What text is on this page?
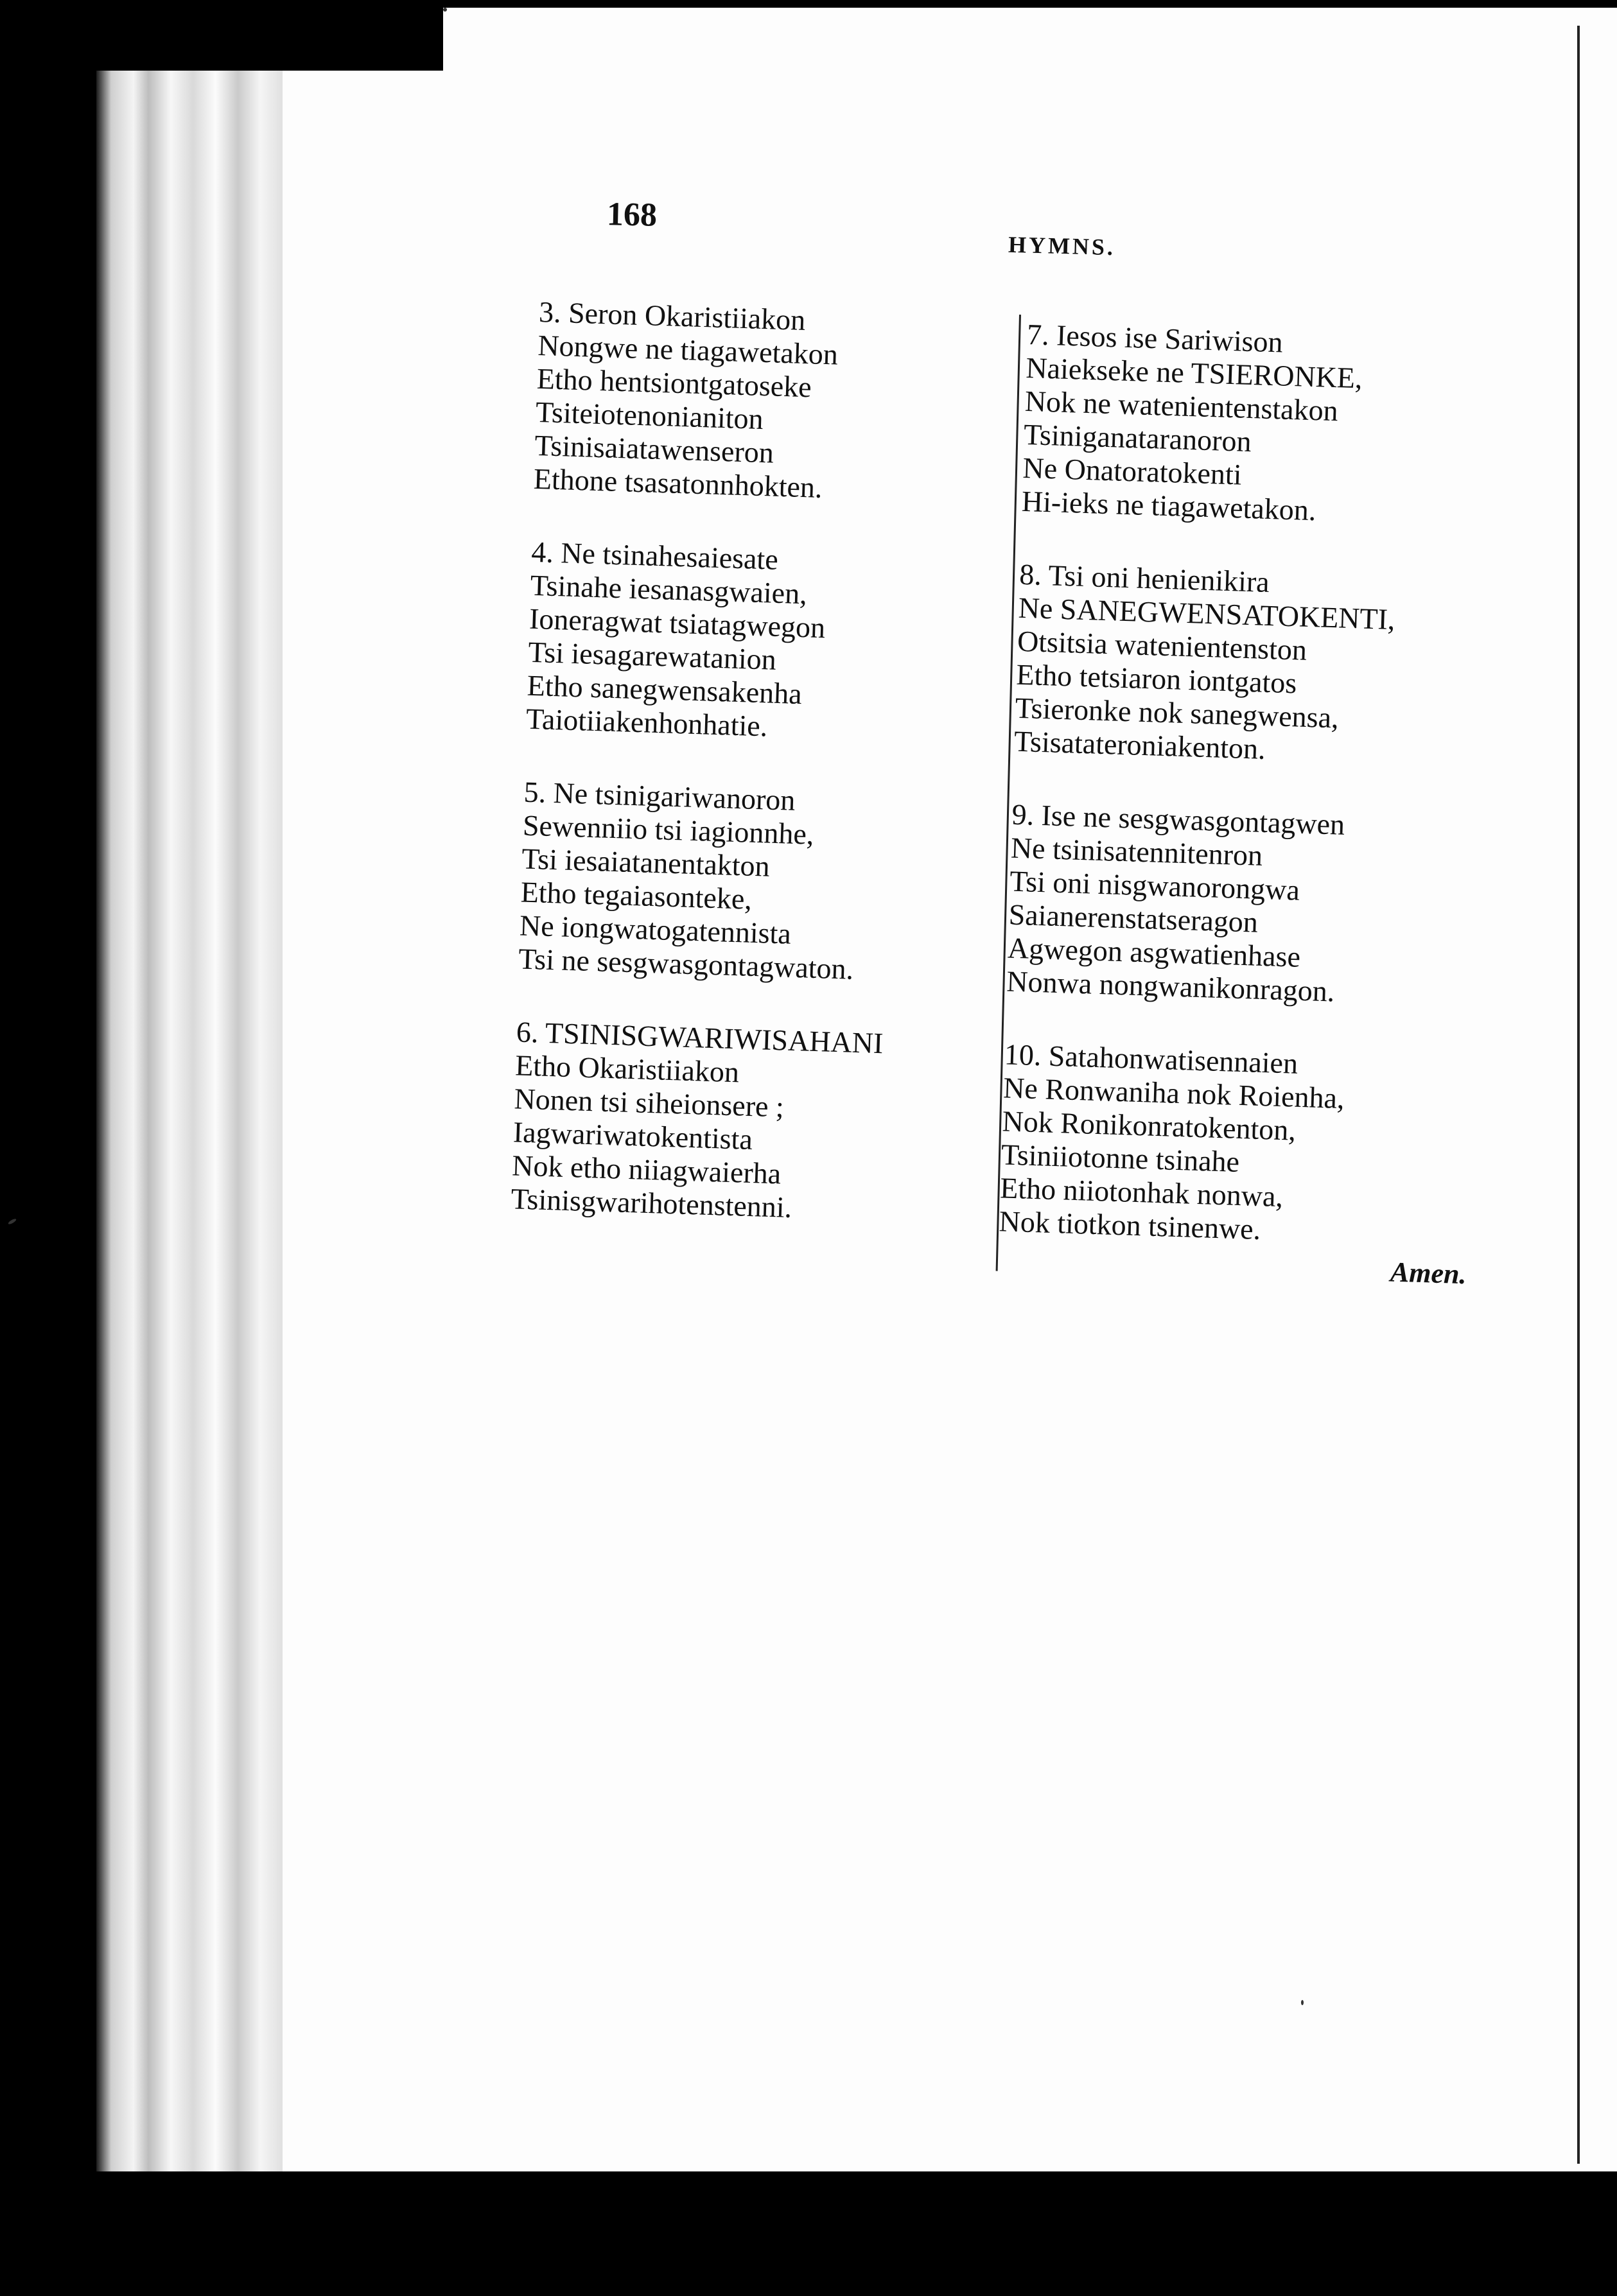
168
HYMNS.
3. Seron Okaristiiakon
Nongwe ne tiagawetakon
Etho hentsiontgatoseke
Tsiteiotenonianiton
Tsinisaiatawenseron
Ethone tsasatonnhokten.
4. Ne tsinahesaiesate
Tsinahe iesanasgwaien,
Ioneragwat tsiatagwegon
Tsi iesagarewatanion
Etho sanegwensakenha
Taiotiiakenhonhatie.
5. Ne tsinigariwanoron
Sewenniio tsi iagionnhe,
Tsi iesaiatanentakton
Etho tegaiasonteke,
Ne iongwatogatennista
Tsi ne sesgwasgontagwaton.
6. TSINISGWARIWISAHANI
Etho Okaristiiakon
Nonen tsi siheionsere ;
Iagwariwatokentista
Nok etho niiagwaierha
Tsinisgwarihotenstenni.
7. Iesos ise Sariwison
Naiekseke ne TSIERONKE,
Nok ne watenientenstakon
Tsiniganataranoron
Ne Onatoratokenti
Hi-ieks ne tiagawetakon.
8. Tsi oni henienikira
Ne SANEGWENSATOKENTI,
Otsitsia watenientenston
Etho tetsiaron iontgatos
Tsieronke nok sanegwensa,
Tsisatateroniakenton.
9. Ise ne sesgwasgontagwen
Ne tsinisatennitenron
Tsi oni nisgwanorongwa
Saianerenstatseragon
Agwegon asgwatienhase
Nonwa nongwanikonragon.
10. Satahonwatisennaien
Ne Ronwaniha nok Roienha,
Nok Ronikonratokenton,
Tsiniiotonne tsinahe
Etho niiotonhak nonwa,
Nok tiotkon tsinenwe.
Amen.
